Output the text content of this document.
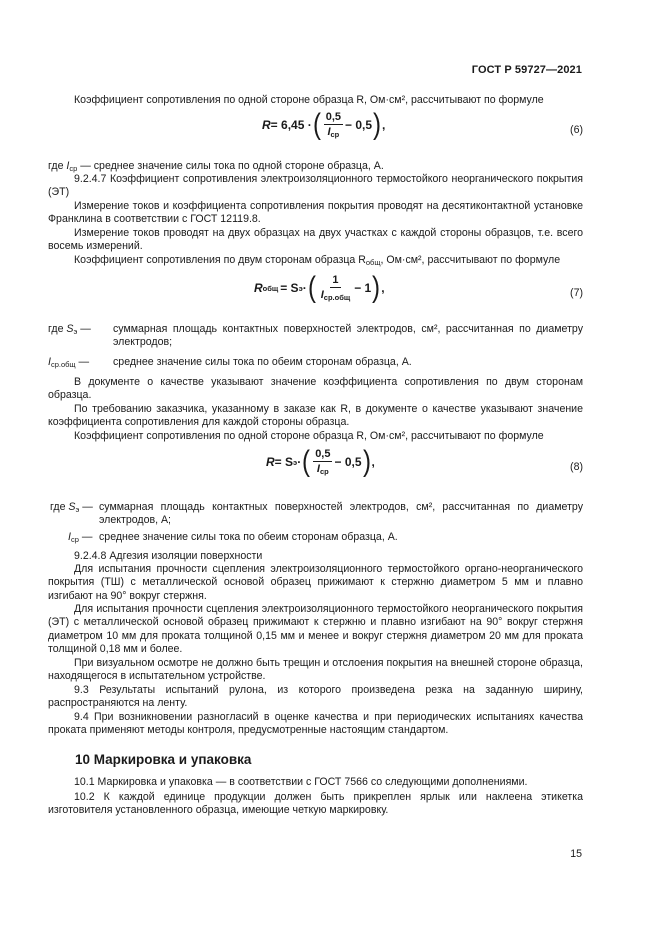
ГОСТ Р 59727—2021

Коэффициент сопротивления по одной стороне образца R, Ом·см², рассчитывают по формуле

R = 6,45 · ( $\frac{0,5}{I_{ср}} - 0,5$ ) ,	(6)

где $I_{ср}$ — среднее значение силы тока по одной стороне образца, А.

9.2.4.7 Коэффициент сопротивления электроизоляционного термостойкого неорганического покрытия (ЭТ)

Измерение токов и коэффициента сопротивления покрытия проводят на десятиконтактной установке Франклина в соответствии с ГОСТ 12119.8.

Измерение токов проводят на двух образцах на двух участках с каждой стороны образцов, т.е. всего восемь измерений.

Коэффициент сопротивления по двум сторонам образца $R_{общ}$, Ом·см², рассчитывают по формуле

R общ = S э · ( $\frac{1}{I_{ср.общ}} - 1$ ) ,	(7)
где $S_э$ — суммарная площадь контактных поверхностей электродов, см², рассчитанная по диаметру электродов;
$I_{ср.общ}$ — среднее значение силы тока по обеим сторонам образца, А.

В документе о качестве указывают значение коэффициента сопротивления по двум сторонам образца.

По требованию заказчика, указанному в заказе как R, в документе о качестве указывают значение коэффициента сопротивления для каждой стороны образца.

Коэффициент сопротивления по одной стороне образца R, Ом·см², рассчитывают по формуле

R = S э · ( $\frac{0,5}{I_{ср}} - 0,5$ ) ,	(8)
где $S_э$ — суммарная площадь контактных поверхностей электродов, см², рассчитанная по диаметру электродов, А;
$I_{ср}$ — среднее значение силы тока по обеим сторонам образца, А.

9.2.4.8 Адгезия изоляции поверхности

Для испытания прочности сцепления электроизоляционного термостойкого органо-неорганического покрытия (ТШ) с металлической основой образец прижимают к стержню диаметром 5 мм и плавно изгибают на 90° вокруг стержня.

Для испытания прочности сцепления электроизоляционного термостойкого неорганического покрытия (ЭТ) с металлической основой образец прижимают к стержню и плавно изгибают на 90° вокруг стержня диаметром 10 мм для проката толщиной 0,15 мм и менее и вокруг стержня диаметром 20 мм для проката толщиной 0,18 мм и более.

При визуальном осмотре не должно быть трещин и отслоения покрытия на внешней стороне образца, находящегося в испытательном устройстве.

9.3 Результаты испытаний рулона, из которого произведена резка на заданную ширину, распространяются на ленту.

9.4 При возникновении разногласий в оценке качества и при периодических испытаниях качества проката применяют методы контроля, предусмотренные настоящим стандартом.

10 Маркировка и упаковка

10.1 Маркировка и упаковка — в соответствии с ГОСТ 7566 со следующими дополнениями.

10.2 К каждой единице продукции должен быть прикреплен ярлык или наклеена этикетка изготовителя установленного образца, имеющие четкую маркировку.

15
